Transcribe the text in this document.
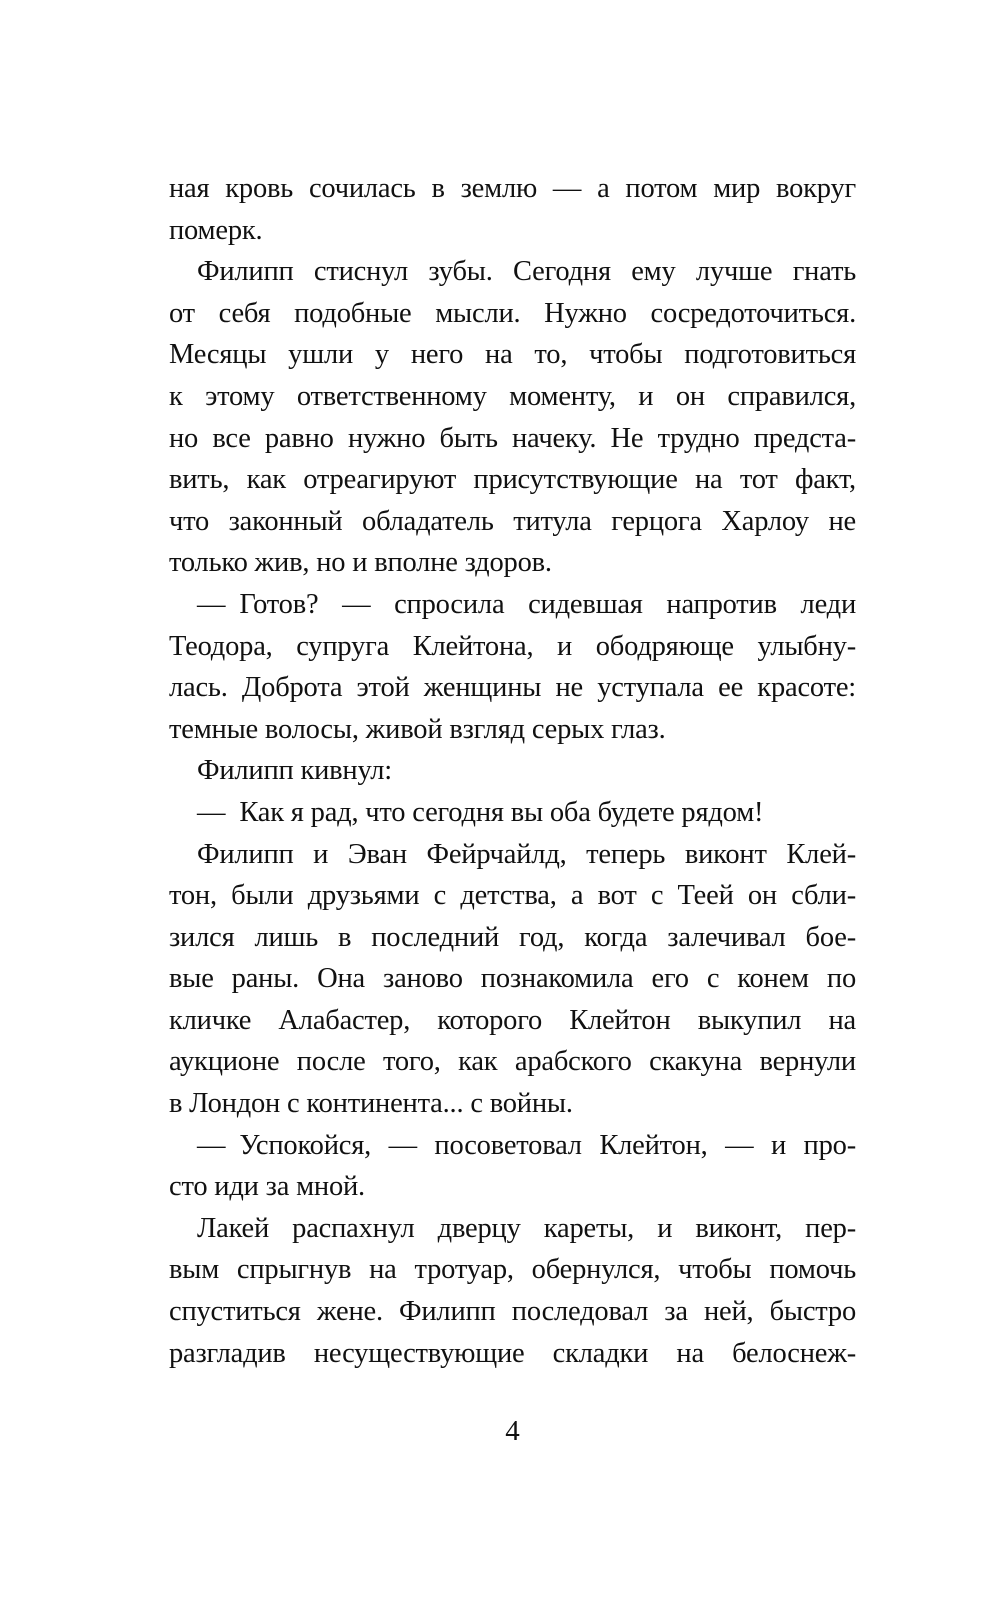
ная кровь сочилась в землю — а потом мир вокруг
померк.
Филипп стиснул зубы. Сегодня ему лучше гнать
от себя подобные мысли. Нужно сосредоточиться.
Месяцы ушли у него на то, чтобы подготовиться
к этому ответственному моменту, и он справился,
но все равно нужно быть начеку. Не трудно предста-
вить, как отреагируют присутствующие на тот факт,
что законный обладатель титула герцога Харлоу не
только жив, но и вполне здоров.
— Готов? — спросила сидевшая напротив леди
Теодора, супруга Клейтона, и ободряюще улыбну-
лась. Доброта этой женщины не уступала ее красоте:
темные волосы, живой взгляд серых глаз.
Филипп кивнул:
— Как я рад, что сегодня вы оба будете рядом!
Филипп и Эван Фейрчайлд, теперь виконт Клей-
тон, были друзьями с детства, а вот с Теей он сбли-
зился лишь в последний год, когда залечивал бое-
вые раны. Она заново познакомила его с конем по
кличке Алабастер, которого Клейтон выкупил на
аукционе после того, как арабского скакуна вернули
в Лондон с континента... с войны.
— Успокойся, — посоветовал Клейтон, — и про-
сто иди за мной.
Лакей распахнул дверцу кареты, и виконт, пер-
вым спрыгнув на тротуар, обернулся, чтобы помочь
спуститься жене. Филипп последовал за ней, быстро
разгладив несуществующие складки на белоснеж-
4
